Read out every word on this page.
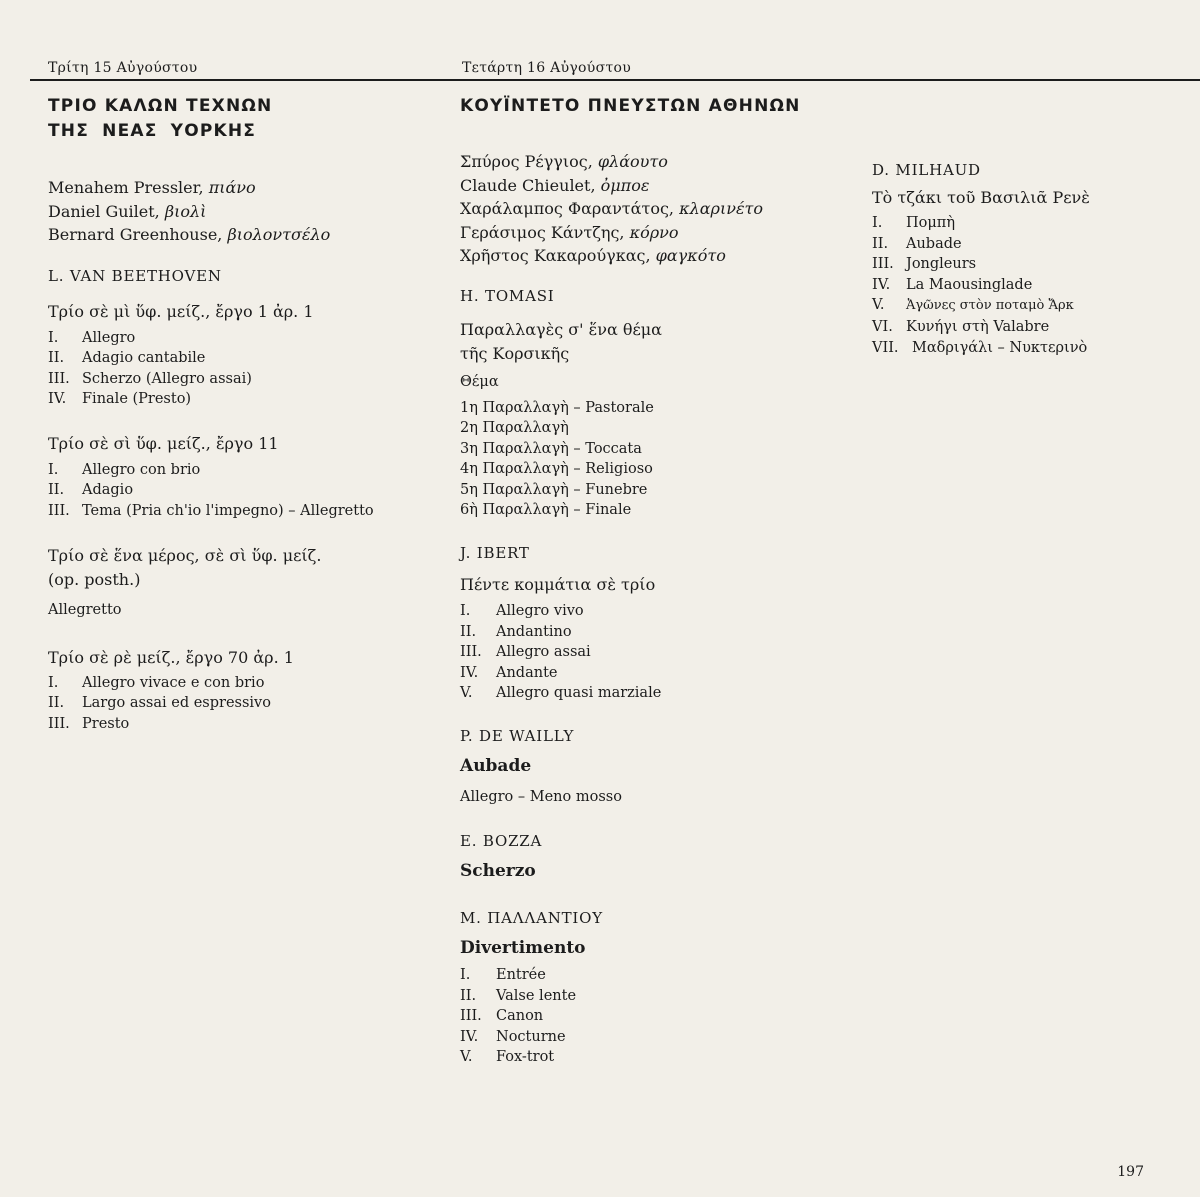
Τρίτη 15 Αὐγούστου	Τετάρτη 16 Αὐγούστου

ΤΡΙΟ ΚΑΛΩΝ ΤΕΧΝΩΝ

ΤΗΣ ΝΕΑΣ ΥΟΡΚΗΣ

Menahem Pressler, πιάνο
Daniel Guilet, βιολὶ
Bernard Greenhouse, βιολοντσέλο
L. VAN BEETHOVEN
Τρίο σὲ μὶ ὕφ. μείζ., ἔργο 1 ἀρ. 1
I. Allegro
II. Adagio cantabile
III. Scherzo (Allegro assai)
IV. Finale (Presto)
Τρίο σὲ σὶ ὕφ. μείζ., ἔργο 11
I. Allegro con brio
II. Adagio
III. Tema (Pria ch'io l'impegno) – Allegretto
Τρίο σὲ ἕνα μέρος, σὲ σὶ ὕφ. μείζ.
(op. posth.)
Allegretto
Τρίο σὲ ρὲ μείζ., ἔργο 70 ἀρ. 1
I. Allegro vivace e con brio
II. Largo assai ed espressivo
III. Presto

ΚΟΥΪΝΤΕΤΟ ΠΝΕΥΣΤΩΝ ΑΘΗΝΩΝ

Σπύρος Ρέγγιος, φλάουτο
Claude Chieulet, ὀμποε
Χαράλαμπος Φαραντάτος, κλαρινέτο
Γεράσιμος Κάντζης, κόρνο
Χρῆστος Κακαρούγκας, φαγκότο
H. TOMASI
Παραλλαγὲς σ' ἕνα θέμα
τῆς Κορσικῆς
Θέμα
1η Παραλλαγὴ – Pastorale
2η Παραλλαγὴ
3η Παραλλαγὴ – Toccata
4η Παραλλαγὴ – Religioso
5η Παραλλαγὴ – Funebre
6ὴ Παραλλαγὴ – Finale
J. IBERT
Πέντε κομμάτια σὲ τρίο
I. Allegro vivo
II. Andantino
III. Allegro assai
IV. Andante
V. Allegro quasi marziale
P. DE WAILLY
Aubade
Allegro – Meno mosso
E. BOZZA
Scherzo
Μ. ΠΑΛΛΑΝΤΙΟΥ
Divertimento
I. Entrée
II. Valse lente
III. Canon
IV. Nocturne
V. Fox-trot
D. MILHAUD
Τὸ τζάκι τοῦ Βασιλιᾶ Ρενὲ
I. Πομπὴ
II. Aubade
III. Jongleurs
IV. La Maousinglade
V. Ἀγῶνες στὸν ποταμὸ Ἄρκ
VI. Κυνήγι στὴ Valabre
VII. Μαδριγάλι – Νυκτερινὸ
197
